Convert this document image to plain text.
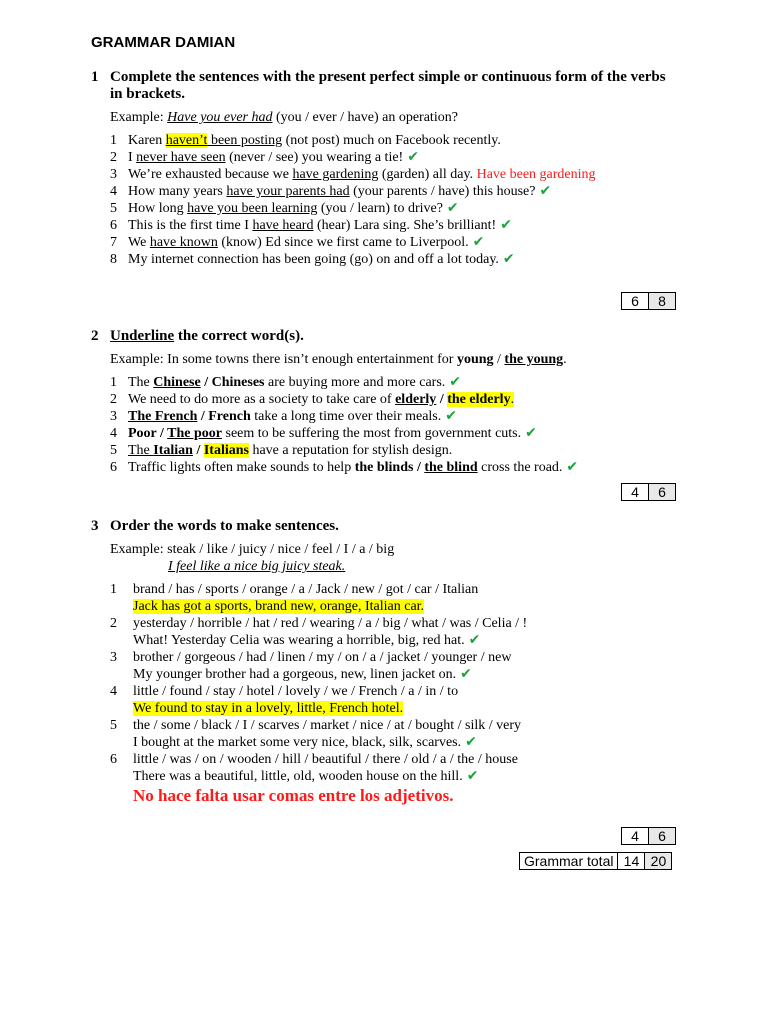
GRAMMAR DAMIAN
1 Complete the sentences with the present perfect simple or continuous form of the verbs in brackets.
Example: Have you ever had (you / ever / have) an operation?
1 Karen haven’t been posting (not post) much on Facebook recently.
2 I never have seen (never / see) you wearing a tie! ✔
3 We’re exhausted because we have gardening (garden) all day. Have been gardening
4 How many years have your parents had (your parents / have) this house? ✔
5 How long have you been learning (you / learn) to drive? ✔
6 This is the first time I have heard (hear) Lara sing. She’s brilliant! ✔
7 We have known (know) Ed since we first came to Liverpool. ✔
8 My internet connection has been going (go) on and off a lot today. ✔
6	8
2 Underline the correct word(s).
Example: In some towns there isn’t enough entertainment for young / the young.
1 The Chinese / Chineses are buying more and more cars. ✔
2 We need to do more as a society to take care of elderly / the elderly.
3 The French / French take a long time over their meals. ✔
4 Poor / The poor seem to be suffering the most from government cuts. ✔
5 The Italian / Italians have a reputation for stylish design.
6 Traffic lights often make sounds to help the blinds / the blind cross the road. ✔
4	6
3 Order the words to make sentences.
Example: steak / like / juicy / nice / feel / I / a / big
I feel like a nice big juicy steak.
1 brand / has / sports / orange / a / Jack / new / got / car / Italian
Jack has got a sports, brand new, orange, Italian car.
2 yesterday / horrible / hat / red / wearing / a / big / what / was / Celia / !
What! Yesterday Celia was wearing a horrible, big, red hat. ✔
3 brother / gorgeous / had / linen / my / on / a / jacket / younger / new
My younger brother had a gorgeous, new, linen jacket on. ✔
4 little / found / stay / hotel / lovely / we / French / a / in / to
We found to stay in a lovely, little, French hotel.
5 the / some / black / I / scarves / market / nice / at / bought / silk / very
I bought at the market some very nice, black, silk, scarves. ✔
6 little / was / on / wooden / hill / beautiful / there / old / a / the / house
There was a beautiful, little, old, wooden house on the hill. ✔
No hace falta usar comas entre los adjetivos.
4	6
Grammar total 14 20
